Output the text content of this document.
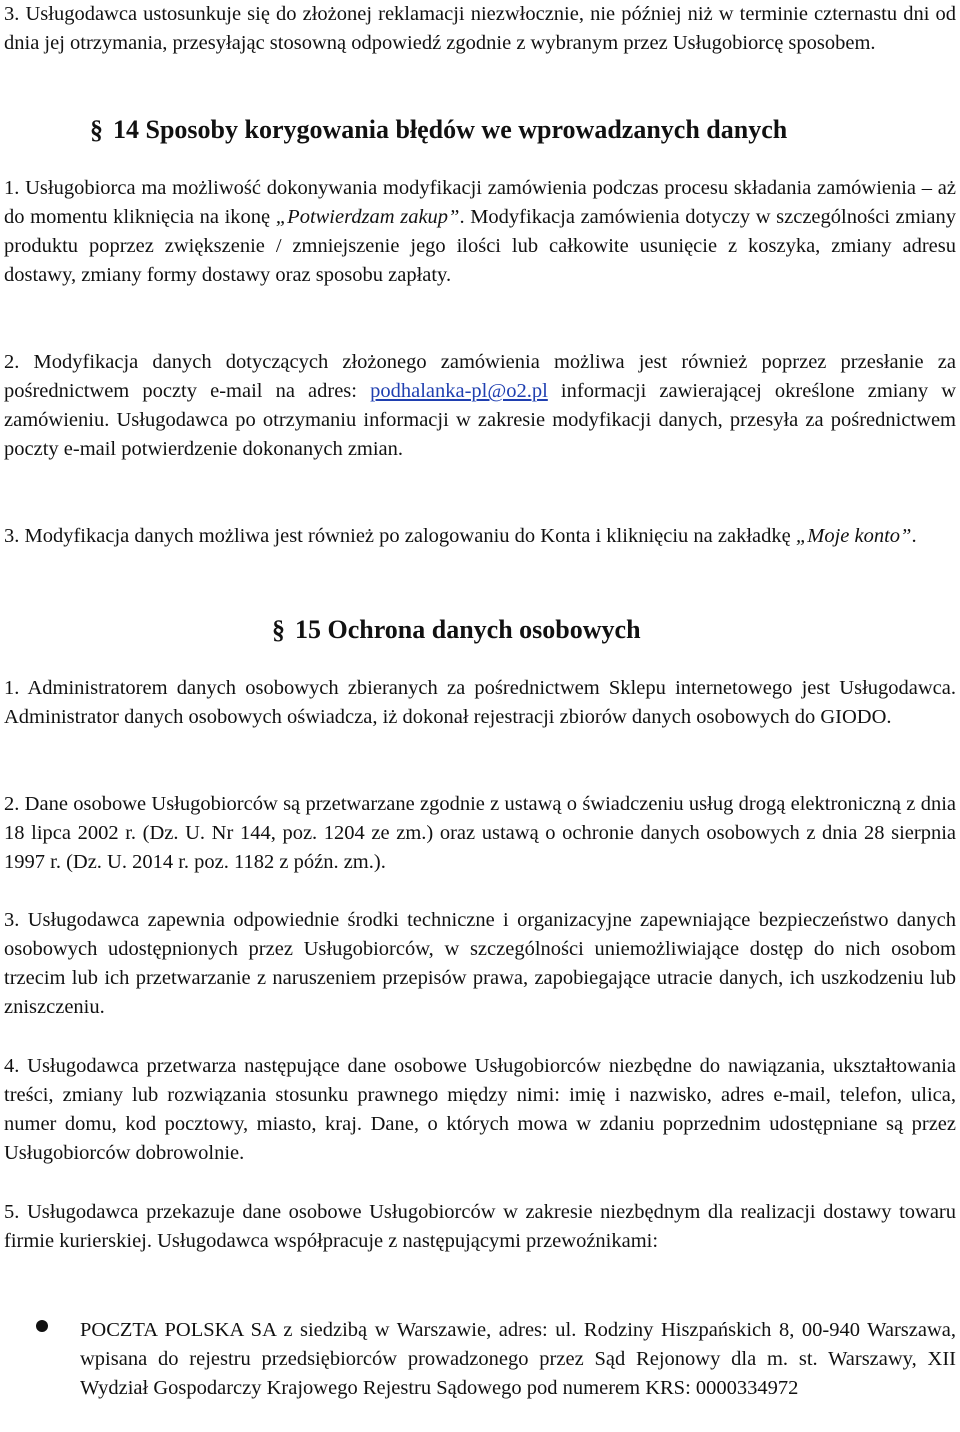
3. Usługodawca ustosunkuje się do złożonej reklamacji niezwłocznie, nie później niż w terminie czternastu dni od dnia jej otrzymania, przesyłając stosowną odpowiedź zgodnie z wybranym przez Usługobiorcę sposobem.

§ 14 Sposoby korygowania błędów we wprowadzanych danych

1. Usługobiorca ma możliwość dokonywania modyfikacji zamówienia podczas procesu składania zamówienia – aż do momentu kliknięcia na ikonę „Potwierdzam zakup”. Modyfikacja zamówienia dotyczy w szczególności zmiany produktu poprzez zwiększenie / zmniejszenie jego ilości lub całkowite usunięcie z koszyka, zmiany adresu dostawy, zmiany formy dostawy oraz sposobu zapłaty.

2. Modyfikacja danych dotyczących złożonego zamówienia możliwa jest również poprzez przesłanie za pośrednictwem poczty e-mail na adres: podhalanka-pl@o2.pl informacji zawierającej określone zmiany w zamówieniu. Usługodawca po otrzymaniu informacji w zakresie modyfikacji danych, przesyła za pośrednictwem poczty e-mail potwierdzenie dokonanych zmian.

3. Modyfikacja danych możliwa jest również po zalogowaniu do Konta i kliknięciu na zakładkę „Moje konto”.

§ 15 Ochrona danych osobowych

1. Administratorem danych osobowych zbieranych za pośrednictwem Sklepu internetowego jest Usługodawca. Administrator danych osobowych oświadcza, iż dokonał rejestracji zbiorów danych osobowych do GIODO.

2. Dane osobowe Usługobiorców są przetwarzane zgodnie z ustawą o świadczeniu usług drogą elektroniczną z dnia 18 lipca 2002 r. (Dz. U. Nr 144, poz. 1204 ze zm.) oraz ustawą o ochronie danych osobowych z dnia 28 sierpnia 1997 r. (Dz. U. 2014 r. poz. 1182 z późn. zm.).

3. Usługodawca zapewnia odpowiednie środki techniczne i organizacyjne zapewniające bezpieczeństwo danych osobowych udostępnionych przez Usługobiorców, w szczególności uniemożliwiające dostęp do nich osobom trzecim lub ich przetwarzanie z naruszeniem przepisów prawa, zapobiegające utracie danych, ich uszkodzeniu lub zniszczeniu.

4. Usługodawca przetwarza następujące dane osobowe Usługobiorców niezbędne do nawiązania, ukształtowania treści, zmiany lub rozwiązania stosunku prawnego między nimi: imię i nazwisko, adres e-mail, telefon, ulica, numer domu, kod pocztowy, miasto, kraj. Dane, o których mowa w zdaniu poprzednim udostępniane są przez Usługobiorców dobrowolnie.

5. Usługodawca przekazuje dane osobowe Usługobiorców w zakresie niezbędnym dla realizacji dostawy towaru firmie kurierskiej. Usługodawca współpracuje z następującymi przewoźnikami:

POCZTA POLSKA SA z siedzibą w Warszawie, adres: ul. Rodziny Hiszpańskich 8, 00-940 Warszawa, wpisana do rejestru przedsiębiorców prowadzonego przez Sąd Rejonowy dla m. st. Warszawy, XII Wydział Gospodarczy Krajowego Rejestru Sądowego pod numerem KRS: 0000334972
